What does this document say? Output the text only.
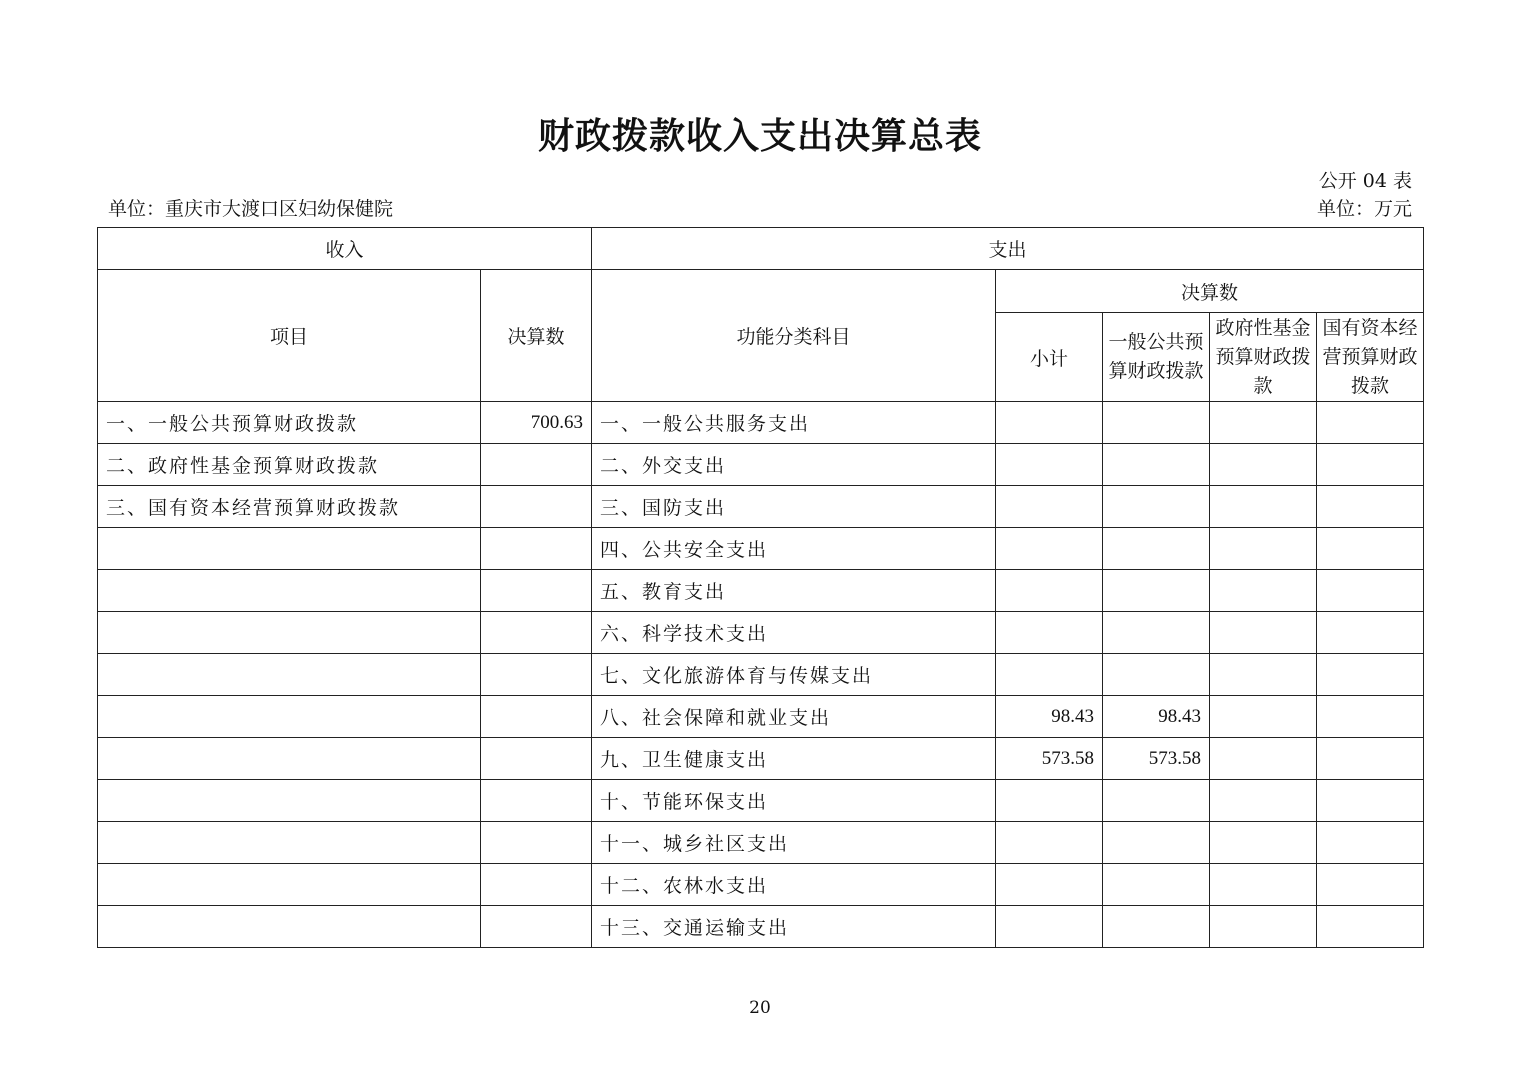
财政拨款收入支出决算总表
公开 04 表
单位：重庆市大渡口区妇幼保健院	单位：万元
收入		支出				
项目	决算数	功能分类科目	决算数			
			小计	一般公共预算财政拨款	政府性基金预算财政拨款	国有资本经营预算财政拨款
一、一般公共预算财政拨款	700.63	一、一般公共服务支出				
二、政府性基金预算财政拨款		二、外交支出				
三、国有资本经营预算财政拨款		三、国防支出				
		四、公共安全支出				
		五、教育支出				
		六、科学技术支出				
		七、文化旅游体育与传媒支出				
		八、社会保障和就业支出	98.43	98.43		
		九、卫生健康支出	573.58	573.58		
		十、节能环保支出				
		十一、城乡社区支出				
		十二、农林水支出				
		十三、交通运输支出				
20
